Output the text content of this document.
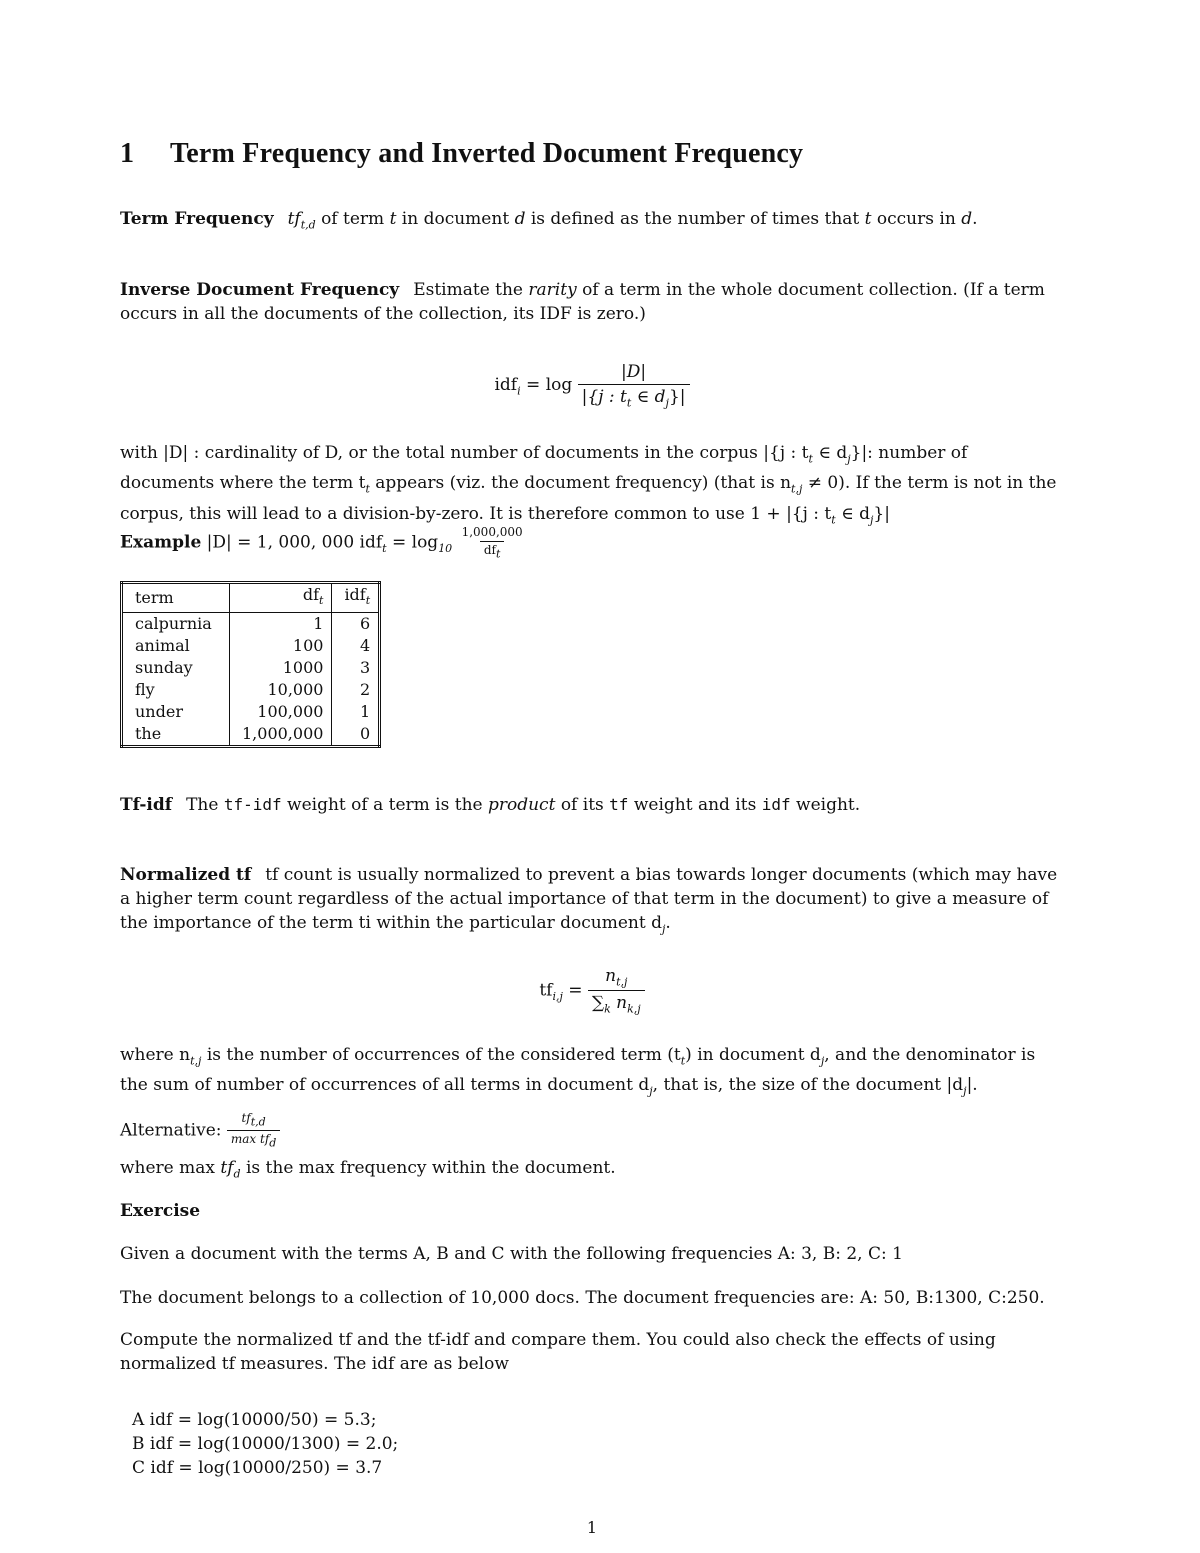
1 Term Frequency and Inverted Document Frequency
Term Frequency $tf_{t,d}$ of term t in document d is defined as the number of times that t occurs in d.
Inverse Document Frequency Estimate the rarity of a term in the whole document collection. (If a term occurs in all the documents of the collection, its IDF is zero.)
$idf_i = \log \frac{|D|}{|\{j : t_t \in d_j\}|}$
with |D| : cardinality of D, or the total number of documents in the corpus |{j : $t_t$ ∈ $d_j\}|$: number of documents where the term $t_t$ appears (viz. the document frequency) (that is $n_{t,j} \ne 0$). If the term is not in the corpus, this will lead to a division-by-zero. It is therefore common to use 1 + |{j : $t_t$ ∈ $d_j\}|$
Example |D| = 1, 000, 000 $idf_t = \log_{10} \frac{1,000,000}{df_t}$
term	$df_t$	idf$_t$
calpurnia	1	6
animal	100	4
sunday	1000	3
fly	10,000	2
under	100,000	1
the	1,000,000	0
Tf-idf The tf-idf weight of a term is the product of its tf weight and its idf weight.
Normalized tf tf count is usually normalized to prevent a bias towards longer documents (which may have a higher term count regardless of the actual importance of that term in the document) to give a measure of the importance of the term ti within the particular document $d_j$.
$tf_{i,j} = \frac{n_{t,j}}{\sum_k n_{k,j}}$
where $n_{t,j}$ is the number of occurrences of the considered term $(t_t)$ in document $d_j$, and the denominator is the sum of number of occurrences of all terms in document $d_j$, that is, the size of the document $|d_j|$.
Alternative: $\frac{tf_{t,d}}{\max tf_d}$
where $\max tf_d$ is the max frequency within the document.
Exercise
Given a document with the terms A, B and C with the following frequencies A: 3, B: 2, C: 1
The document belongs to a collection of 10,000 docs. The document frequencies are: A: 50, B:1300, C:250.
Compute the normalized tf and the tf-idf and compare them. You could also check the effects of using normalized tf measures. The idf are as below
A idf = log(10000/50) = 5.3;
B idf = log(10000/1300) = 2.0;
C idf = log(10000/250) = 3.7
1
